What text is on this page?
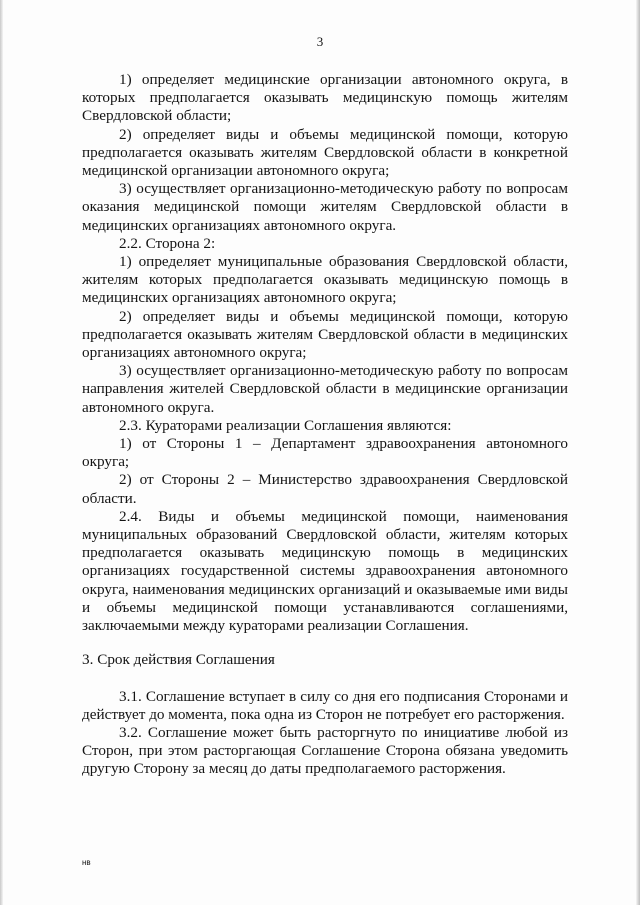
3

1) определяет медицинские организации автономного округа, в которых предполагается оказывать медицинскую помощь жителям Свердловской области;

2) определяет виды и объемы медицинской помощи, которую предполагается оказывать жителям Свердловской области в конкретной медицинской организации автономного округа;

3) осуществляет организационно-методическую работу по вопросам оказания медицинской помощи жителям Свердловской области в медицинских организациях автономного округа.

2.2. Сторона 2:

1) определяет муниципальные образования Свердловской области, жителям которых предполагается оказывать медицинскую помощь в медицинских организациях автономного округа;

2) определяет виды и объемы медицинской помощи, которую предполагается оказывать жителям Свердловской области в медицинских организациях автономного округа;

3) осуществляет организационно-методическую работу по вопросам направления жителей Свердловской области в медицинские организации автономного округа.

2.3. Кураторами реализации Соглашения являются:

1) от Стороны 1 – Департамент здравоохранения автономного округа;

2) от Стороны 2 – Министерство здравоохранения Свердловской области.

2.4. Виды и объемы медицинской помощи, наименования муниципальных образований Свердловской области, жителям которых предполагается оказывать медицинскую помощь в медицинских организациях государственной системы здравоохранения автономного округа, наименования медицинских организаций и оказываемые ими виды и объемы медицинской помощи устанавливаются соглашениями, заключаемыми между кураторами реализации Соглашения.

3. Срок действия Соглашения

3.1. Соглашение вступает в силу со дня его подписания Сторонами и действует до момента, пока одна из Сторон не потребует его расторжения.

3.2. Соглашение может быть расторгнуто по инициативе любой из Сторон, при этом расторгающая Соглашение Сторона обязана уведомить другую Сторону за месяц до даты предполагаемого расторжения.

нв
